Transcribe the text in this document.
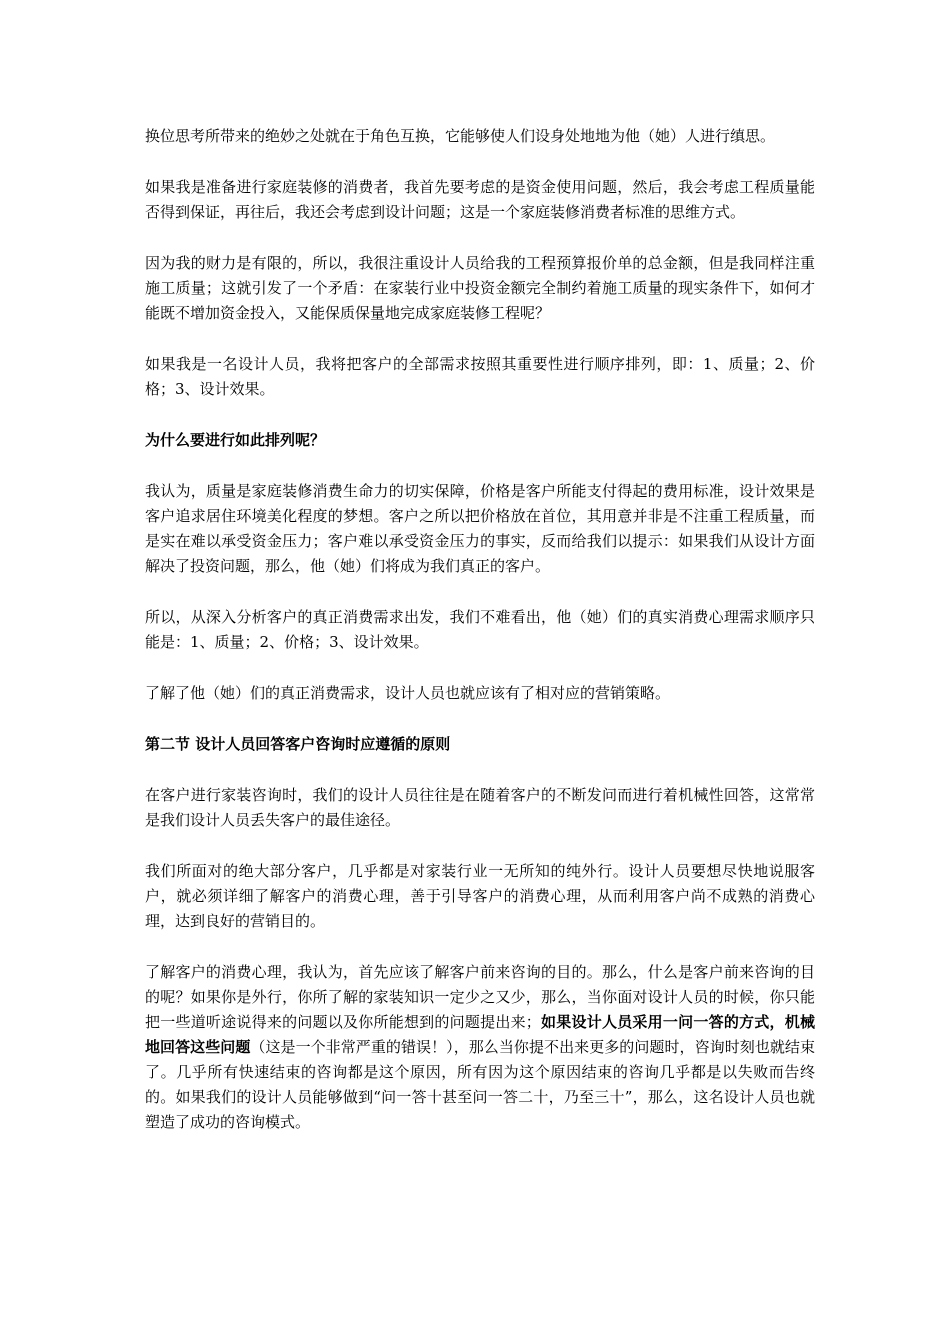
换位思考所带来的绝妙之处就在于角色互换，它能够使人们设身处地地为他（她）人进行缜思。

如果我是准备进行家庭装修的消费者，我首先要考虑的是资金使用问题，然后，我会考虑工程质量能否得到保证，再往后，我还会考虑到设计问题；这是一个家庭装修消费者标准的思维方式。

因为我的财力是有限的，所以，我很注重设计人员给我的工程预算报价单的总金额，但是我同样注重施工质量；这就引发了一个矛盾：在家装行业中投资金额完全制约着施工质量的现实条件下，如何才能既不增加资金投入，又能保质保量地完成家庭装修工程呢？

如果我是一名设计人员，我将把客户的全部需求按照其重要性进行顺序排列，即：1、质量；2、价格；3、设计效果。

为什么要进行如此排列呢？

我认为，质量是家庭装修消费生命力的切实保障，价格是客户所能支付得起的费用标准，设计效果是客户追求居住环境美化程度的梦想。客户之所以把价格放在首位，其用意并非是不注重工程质量，而是实在难以承受资金压力；客户难以承受资金压力的事实，反而给我们以提示：如果我们从设计方面解决了投资问题，那么，他（她）们将成为我们真正的客户。

所以，从深入分析客户的真正消费需求出发，我们不难看出，他（她）们的真实消费心理需求顺序只能是：1、质量；2、价格；3、设计效果。

了解了他（她）们的真正消费需求，设计人员也就应该有了相对应的营销策略。

第二节 设计人员回答客户咨询时应遵循的原则

在客户进行家装咨询时，我们的设计人员往往是在随着客户的不断发问而进行着机械性回答，这常常是我们设计人员丢失客户的最佳途径。

我们所面对的绝大部分客户，几乎都是对家装行业一无所知的纯外行。设计人员要想尽快地说服客户，就必须详细了解客户的消费心理，善于引导客户的消费心理，从而利用客户尚不成熟的消费心理，达到良好的营销目的。

了解客户的消费心理，我认为，首先应该了解客户前来咨询的目的。那么，什么是客户前来咨询的目的呢？如果你是外行，你所了解的家装知识一定少之又少，那么，当你面对设计人员的时候，你只能把一些道听途说得来的问题以及你所能想到的问题提出来；如果设计人员采用一问一答的方式，机械地回答这些问题（这是一个非常严重的错误！），那么当你提不出来更多的问题时，咨询时刻也就结束了。几乎所有快速结束的咨询都是这个原因，所有因为这个原因结束的咨询几乎都是以失败而告终的。如果我们的设计人员能够做到“问一答十甚至问一答二十，乃至三十”，那么，这名设计人员也就塑造了成功的咨询模式。
